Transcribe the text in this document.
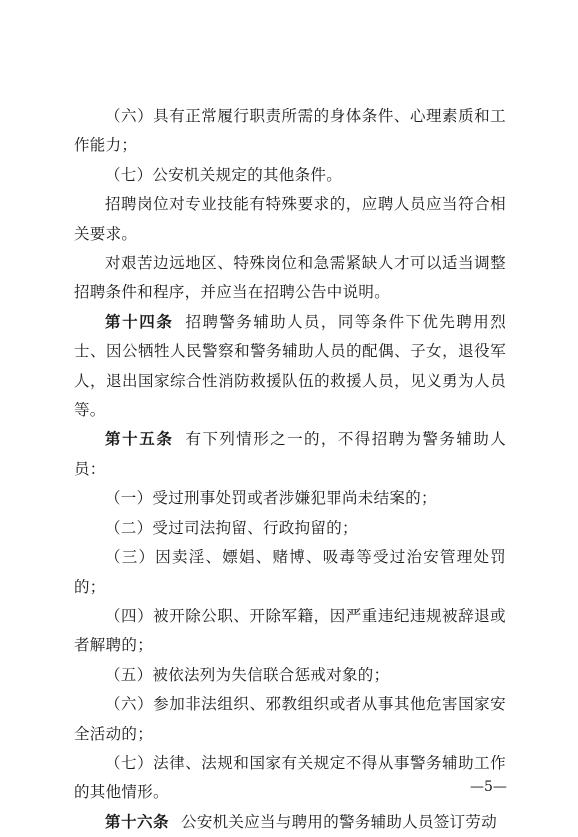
（六）具有正常履行职责所需的身体条件、心理素质和工作能力；

（七）公安机关规定的其他条件。

招聘岗位对专业技能有特殊要求的，应聘人员应当符合相关要求。

对艰苦边远地区、特殊岗位和急需紧缺人才可以适当调整招聘条件和程序，并应当在招聘公告中说明。

第十四条 招聘警务辅助人员，同等条件下优先聘用烈士、因公牺牲人民警察和警务辅助人员的配偶、子女，退役军人，退出国家综合性消防救援队伍的救援人员，见义勇为人员等。

第十五条 有下列情形之一的，不得招聘为警务辅助人员：

（一）受过刑事处罚或者涉嫌犯罪尚未结案的；

（二）受过司法拘留、行政拘留的；

（三）因卖淫、嫖娼、赌博、吸毒等受过治安管理处罚的；

（四）被开除公职、开除军籍，因严重违纪违规被辞退或者解聘的；

（五）被依法列为失信联合惩戒对象的；

（六）参加非法组织、邪教组织或者从事其他危害国家安全活动的；

（七）法律、法规和国家有关规定不得从事警务辅助工作的其他情形。

第十六条 公安机关应当与聘用的警务辅助人员签订劳动

—5—
